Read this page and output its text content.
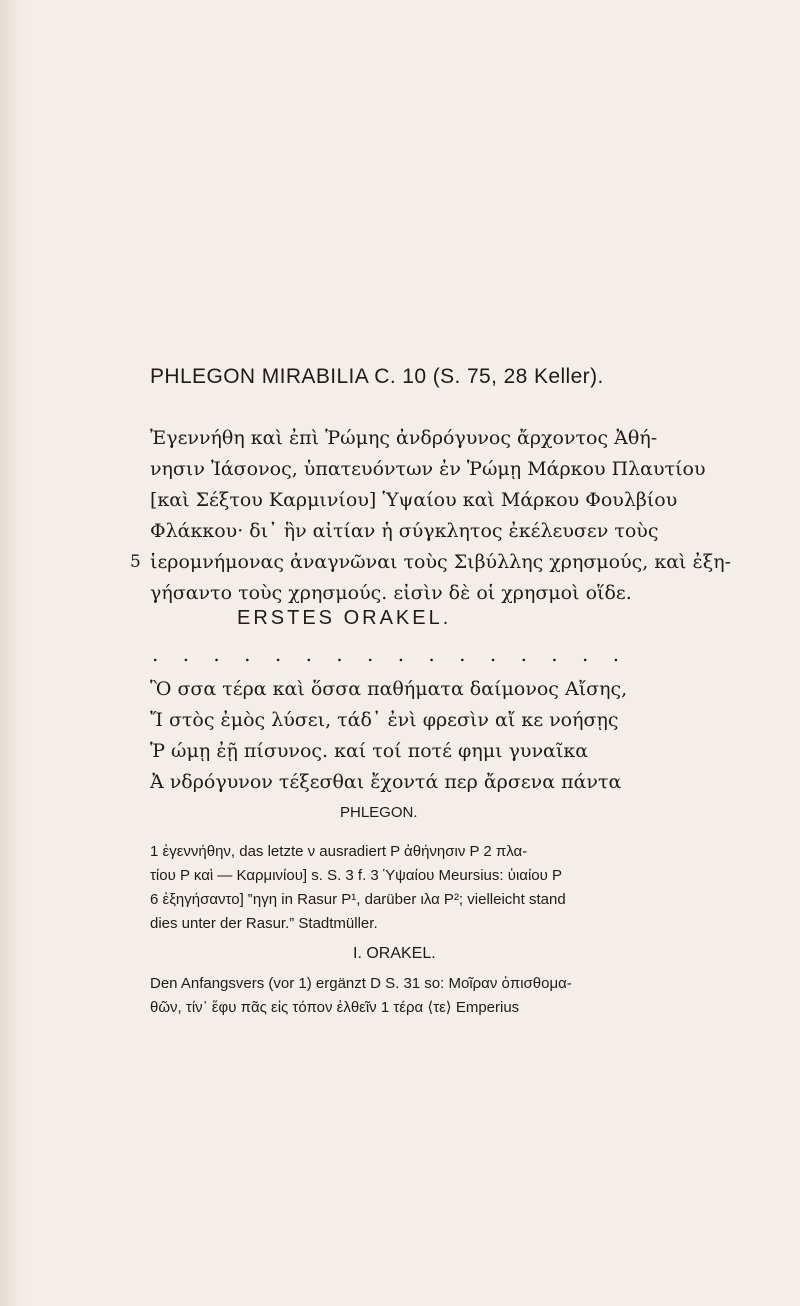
PHLEGON MIRABILIA C. 10 (S. 75, 28 Keller).
Ἐγεννήθη καὶ ἐπὶ Ῥώμης ἀνδρόγυνος ἄρχοντος Ἀθή-
νησιν Ἰάσονος, ὑπατευόντων ἐν Ῥώμῃ Μάρκου Πλαυτίου
[καὶ Σέξτου Καρμινίου] Ὑψαίου καὶ Μάρκου Φουλβίου
Φλάκκου· δι᾽ ἣν αἰτίαν ἡ σύγκλητος ἐκέλευσεν τοὺς
5 ἱερομνήμονας ἀναγνῶναι τοὺς Σιβύλλης χρησμούς, καὶ ἐξη-
γήσαντο τοὺς χρησμούς. εἰσὶν δὲ οἱ χρησμοὶ οἵδε.
ERSTES ORAKEL.
. . . . . . . . . . . . . . . .
Ὃ σσα τέρα καὶ ὅσσα παθήματα δαίμονος Αἴσης,
Ἴ στὸς ἐμὸς λύσει, τάδ᾽ ἐνὶ φρεσὶν αἴ κε νοήσῃς
Ῥ ώμῃ ἐῇ πίσυνος. καί τοί ποτέ φημι γυναῖκα
Ἀ νδρόγυνον τέξεσθαι ἔχοντά περ ἄρσενα πάντα
PHLEGON.
1 ἐγεννήθην, das letzte ν ausradiert P ἀθήνησιν P 2 πλα-
τίου P καὶ — Καρμινίου] s. S. 3 f. 3 Ὑψαίου Meursius: ὑιαίου P
6 ἐξηγήσαντο] ‟ηγη in Rasur P¹, darüber ιλα P²; vielleicht stand
dies unter der Rasur.” Stadtmüller.
I. ORAKEL.
Den Anfangsvers (vor 1) ergänzt D S. 31 so: Μοῖραν ὀπισθομα-
θῶν, τίν᾽ ἔφυ πᾶς εἰς τόπον ἐλθεῖν 1 τέρα ⟨τε⟩ Emperius
